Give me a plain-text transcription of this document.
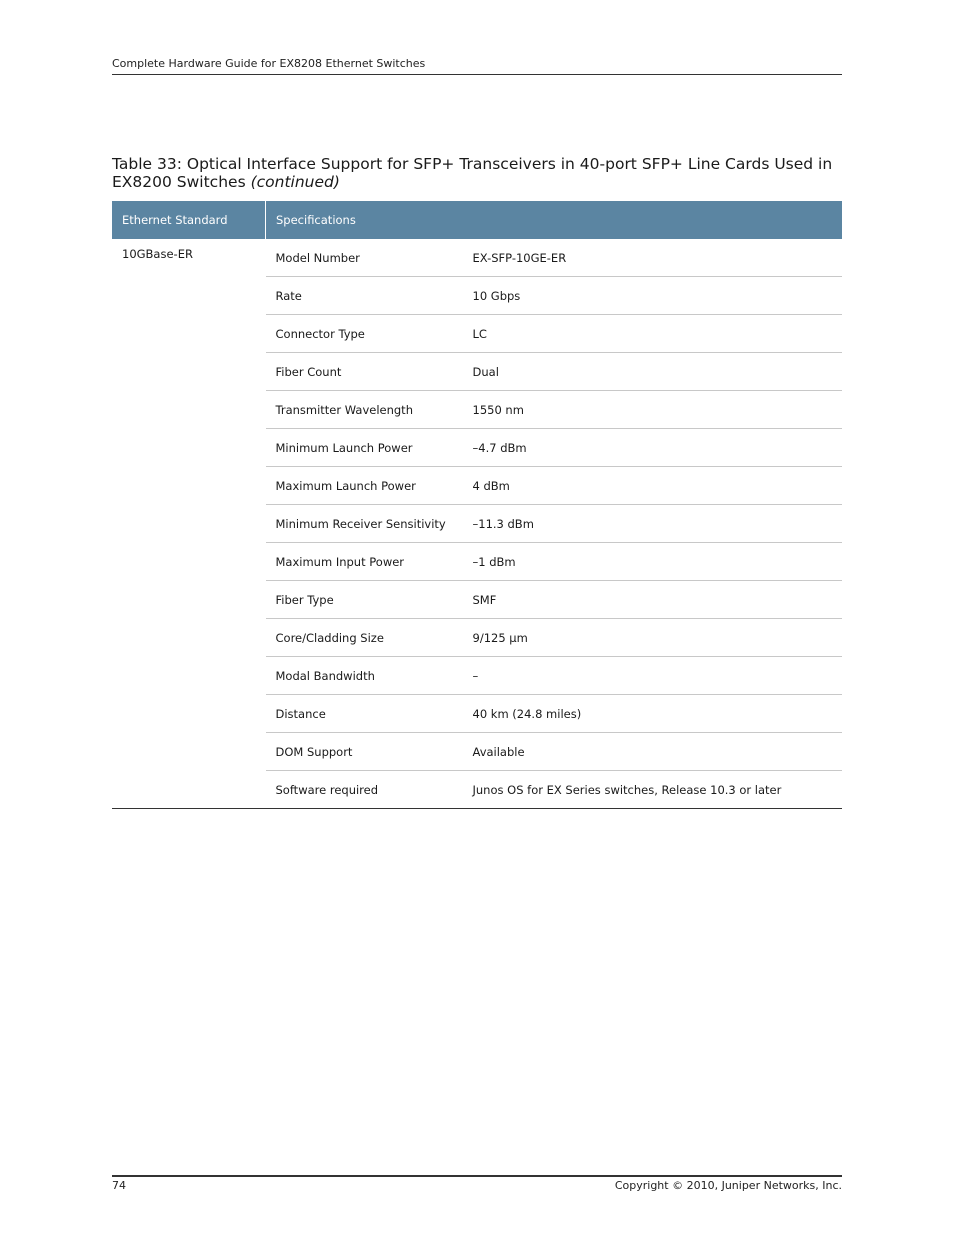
Complete Hardware Guide for EX8208 Ethernet Switches
Table 33: Optical Interface Support for SFP+ Transceivers in 40-port SFP+ Line Cards Used in EX8200 Switches (continued)
Ethernet Standard	Specifications	
10GBase-ER	Model Number	EX-SFP-10GE-ER
	Rate	10 Gbps
	Connector Type	LC
	Fiber Count	Dual
	Transmitter Wavelength	1550 nm
	Minimum Launch Power	–4.7 dBm
	Maximum Launch Power	4 dBm
	Minimum Receiver Sensitivity	–11.3 dBm
	Maximum Input Power	–1 dBm
	Fiber Type	SMF
	Core/Cladding Size	9/125 µm
	Modal Bandwidth	–
	Distance	40 km (24.8 miles)
	DOM Support	Available
	Software required	Junos OS for EX Series switches, Release 10.3 or later
74	Copyright © 2010, Juniper Networks, Inc.
